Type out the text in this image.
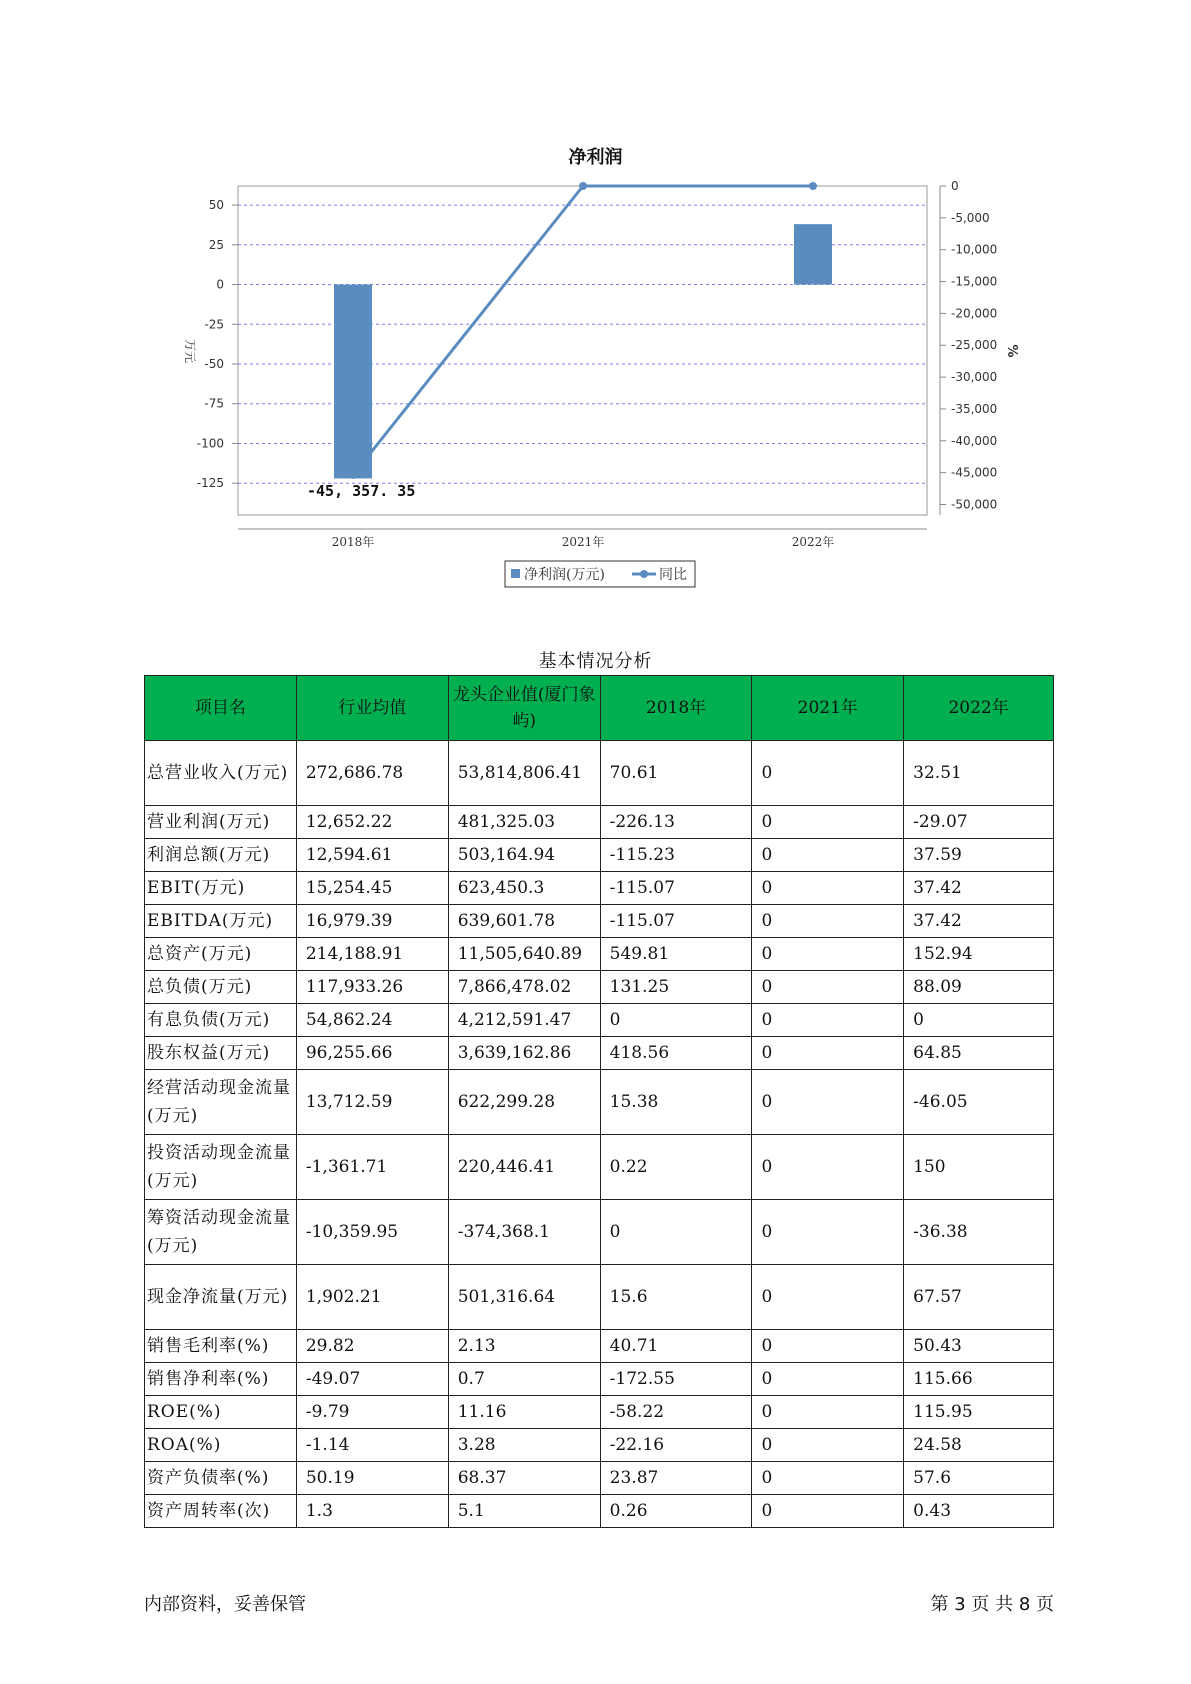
净利润
50
25
0
-25
-50
-75
-100
-125
万元
0
-5,000
-10,000
-15,000
-20,000
-25,000
-30,000
-35,000
-40,000
-45,000
-50,000
%
-45, 357. 35
2018年	2021年	2022年
净利润(万元)	同比
基本情况分析
项目名	行业均值	龙头企业值(厦门象屿)	2018年	2021年	2022年
总营业收入(万元)	272,686.78	53,814,806.41	70.61	0	32.51
营业利润(万元)	12,652.22	481,325.03	-226.13	0	-29.07
利润总额(万元)	12,594.61	503,164.94	-115.23	0	37.59
EBIT(万元)	15,254.45	623,450.3	-115.07	0	37.42
EBITDA(万元)	16,979.39	639,601.78	-115.07	0	37.42
总资产(万元)	214,188.91	11,505,640.89	549.81	0	152.94
总负债(万元)	117,933.26	7,866,478.02	131.25	0	88.09
有息负债(万元)	54,862.24	4,212,591.47	0	0	0
股东权益(万元)	96,255.66	3,639,162.86	418.56	0	64.85
经营活动现金流量(万元)	13,712.59	622,299.28	15.38	0	-46.05
投资活动现金流量(万元)	-1,361.71	220,446.41	0.22	0	150
筹资活动现金流量(万元)	-10,359.95	-374,368.1	0	0	-36.38
现金净流量(万元)	1,902.21	501,316.64	15.6	0	67.57
销售毛利率(%)	29.82	2.13	40.71	0	50.43
销售净利率(%)	-49.07	0.7	-172.55	0	115.66
ROE(%)	-9.79	11.16	-58.22	0	115.95
ROA(%)	-1.14	3.28	-22.16	0	24.58
资产负债率(%)	50.19	68.37	23.87	0	57.6
资产周转率(次)	1.3	5.1	0.26	0	0.43
内部资料，妥善保管	第 3 页 共 8 页
